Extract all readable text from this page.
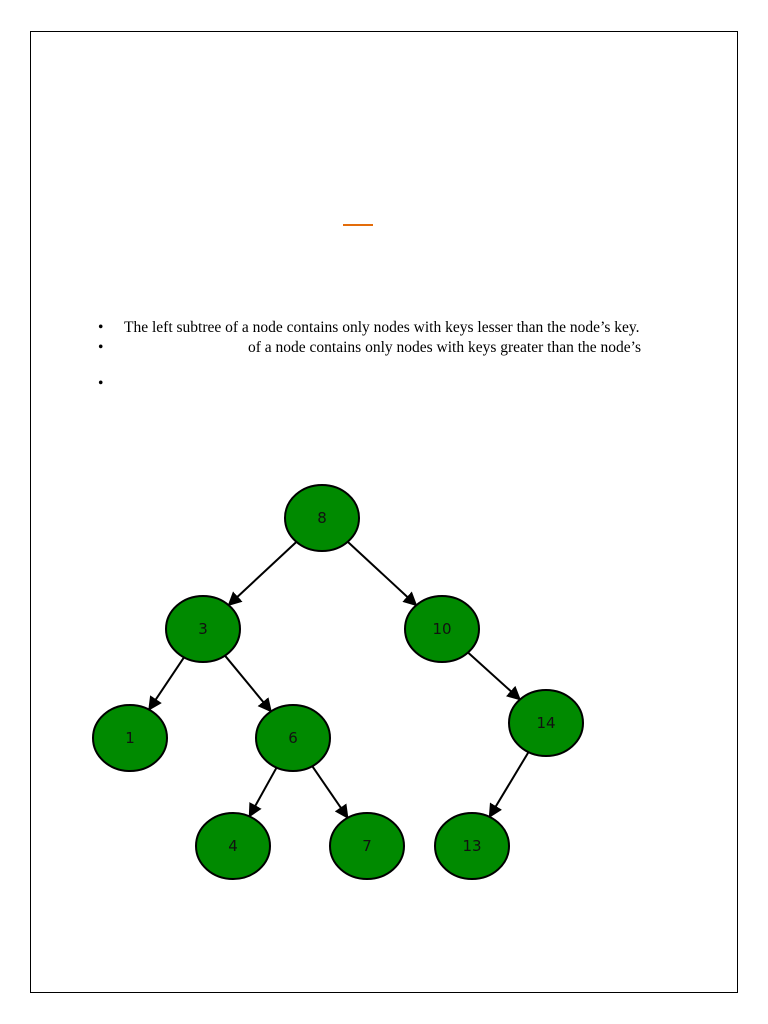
• The left subtree of a node contains only nodes with keys lesser than the node’s key.
•	of a node contains only nodes with keys greater than the node’s
•
8
3	10
1	6
14
4	7	13
